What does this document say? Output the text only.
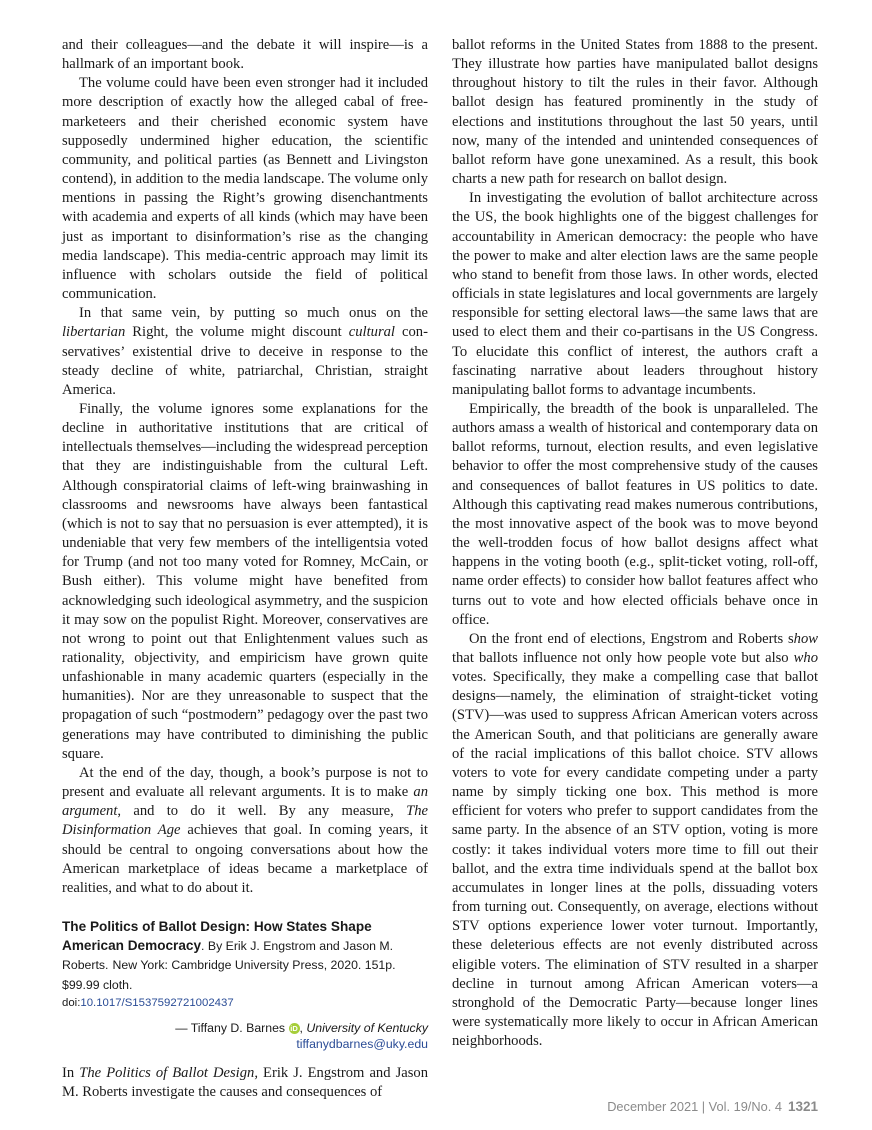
and their colleagues—and the debate it will inspire—is a hallmark of an important book.

The volume could have been even stronger had it included more description of exactly how the alleged cabal of free-marketeers and their cherished economic system have supposedly undermined higher education, the scientific community, and political parties (as Bennett and Livingston contend), in addition to the media landscape. The volume only mentions in passing the Right’s growing disenchantments with academia and experts of all kinds (which may have been just as important to disinformation’s rise as the changing media landscape). This media-centric approach may limit its influence with scholars outside the field of political communication.

In that same vein, by putting so much onus on the libertarian Right, the volume might discount cultural conservatives’ existential drive to deceive in response to the steady decline of white, patriarchal, Christian, straight America.

Finally, the volume ignores some explanations for the decline in authoritative institutions that are critical of intellectuals themselves—including the widespread perception that they are indistinguishable from the cultural Left. Although conspiratorial claims of left-wing brainwashing in classrooms and newsrooms have always been fantastical (which is not to say that no persuasion is ever attempted), it is undeniable that very few members of the intelligentsia voted for Trump (and not too many voted for Romney, McCain, or Bush either). This volume might have benefited from acknowledging such ideological asymmetry, and the suspicion it may sow on the populist Right. Moreover, conservatives are not wrong to point out that Enlightenment values such as rationality, objectivity, and empiricism have grown quite unfashionable in many academic quarters (especially in the humanities). Nor are they unreasonable to suspect that the propagation of such “postmodern” pedagogy over the past two generations may have contributed to diminishing the public square.

At the end of the day, though, a book’s purpose is not to present and evaluate all relevant arguments. It is to make an argument, and to do it well. By any measure, The Disinformation Age achieves that goal. In coming years, it should be central to ongoing conversations about how the American marketplace of ideas became a marketplace of realities, and what to do about it.

The Politics of Ballot Design: How States Shape American Democracy. By Erik J. Engstrom and Jason M. Roberts. New York: Cambridge University Press, 2020. 151p. $99.99 cloth.
doi:10.1017/S1537592721002437
— Tiffany D. Barnes iD , University of Kentucky
tiffanydbarnes@uky.edu

In The Politics of Ballot Design, Erik J. Engstrom and Jason M. Roberts investigate the causes and consequences of

ballot reforms in the United States from 1888 to the present. They illustrate how parties have manipulated ballot designs throughout history to tilt the rules in their favor. Although ballot design has featured prominently in the study of elections and institutions throughout the last 50 years, until now, many of the intended and unintended consequences of ballot reform have gone unexamined. As a result, this book charts a new path for research on ballot design.

In investigating the evolution of ballot architecture across the US, the book highlights one of the biggest challenges for accountability in American democracy: the people who have the power to make and alter election laws are the same people who stand to benefit from those laws. In other words, elected officials in state legislatures and local governments are largely responsible for setting electoral laws—the same laws that are used to elect them and their co-partisans in the US Congress. To elucidate this conflict of interest, the authors craft a fascinating narrative about leaders throughout history manipulating ballot forms to advantage incumbents.

Empirically, the breadth of the book is unparalleled. The authors amass a wealth of historical and contemporary data on ballot reforms, turnout, election results, and even legislative behavior to offer the most comprehensive study of the causes and consequences of ballot features in US politics to date. Although this captivating read makes numerous contributions, the most innovative aspect of the book was to move beyond the well-trodden focus of how ballot designs affect what happens in the voting booth (e.g., split-ticket voting, roll-off, name order effects) to consider how ballot features affect who turns out to vote and how elected officials behave once in office.

On the front end of elections, Engstrom and Roberts show that ballots influence not only how people vote but also who votes. Specifically, they make a compelling case that ballot designs—namely, the elimination of straight-ticket voting (STV)—was used to suppress African American voters across the American South, and that politicians are generally aware of the racial implications of this ballot choice. STV allows voters to vote for every candidate competing under a party name by simply ticking one box. This method is more efficient for voters who prefer to support candidates from the same party. In the absence of an STV option, voting is more costly: it takes individual voters more time to fill out their ballot, and the extra time individuals spend at the ballot box accumulates in longer lines at the polls, dissuading voters from turning out. Consequently, on average, elections without STV options experience lower voter turnout. Importantly, these deleterious effects are not evenly distributed across eligible voters. The elimination of STV resulted in a sharper decline in turnout among African American voters—a stronghold of the Democratic Party—because longer lines were systematically more likely to occur in African American neighborhoods.

December 2021 | Vol. 19/No. 4 1321
